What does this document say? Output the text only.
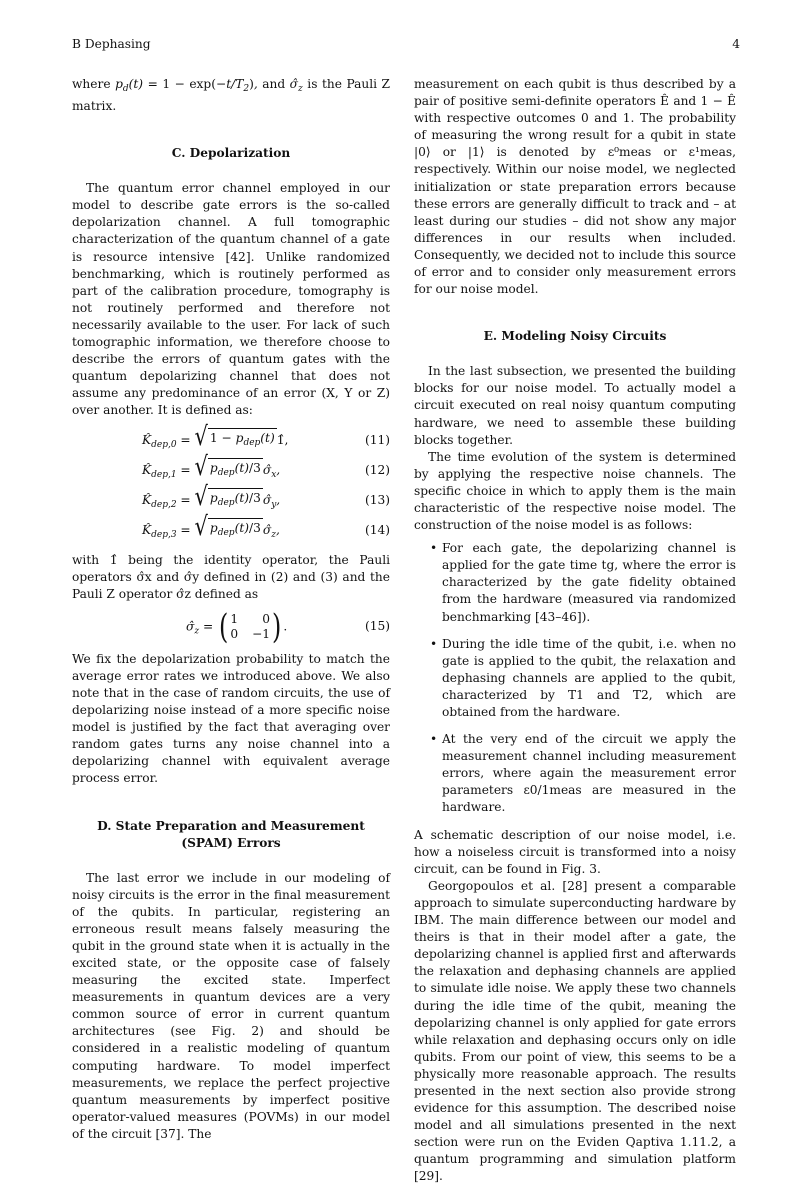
B Dephasing	4

where $p_d(t) = 1 - \exp(-t/T_2)$, and $\sigmâ_z$ is the Pauli Z matrix.

C. Depolarization

The quantum error channel employed in our model to describe gate errors is the so-called depolarization channel. A full tomographic characterization of the quantum channel of a gate is resource intensive [42]. Unlike randomized benchmarking, which is routinely performed as part of the calibration procedure, tomography is not routinely performed and therefore not necessarily available to the user. For lack of such tomographic information, we therefore choose to describe the errors of quantum gates with the quantum depolarizing channel that does not assume any predominance of an error (X, Y or Z) over another. It is defined as:

$K̂_{dep,0}$ = √ $1 - p_{dep}(t)$ 1̂,	(11)
$K̂_{dep,1}$ = √ $p_{dep}(t)/3$ $\sigmâ_x$,	(12)
$K̂_{dep,2}$ = √ $p_{dep}(t)/3$ $\sigmâ_y$,	(13)
$K̂_{dep,3}$ = √ $p_{dep}(t)/3$ $\sigmâ_z$,	(14)

with 1̂ being the identity operator, the Pauli operators σ̂x and σ̂y defined in (2) and (3) and the Pauli Z operator σ̂z defined as

$\sigmâ_z$ = ( 1	0
0 −1 ) .	(15)

We fix the depolarization probability to match the average error rates we introduced above. We also note that in the case of random circuits, the use of depolarizing noise instead of a more specific noise model is justified by the fact that averaging over random gates turns any noise channel into a depolarizing channel with equivalent average process error.

D. State Preparation and Measurement (SPAM) Errors

The last error we include in our modeling of noisy circuits is the error in the final measurement of the qubits. In particular, registering an erroneous result means falsely measuring the qubit in the ground state when it is actually in the excited state, or the opposite case of falsely measuring the excited state. Imperfect measurements in quantum devices are a very common source of error in current quantum architectures (see Fig. 2) and should be considered in a realistic modeling of quantum computing hardware. To model imperfect measurements, we replace the perfect projective quantum measurements by imperfect positive operator-valued measures (POVMs) in our model of the circuit [37]. The

measurement on each qubit is thus described by a pair of positive semi-definite operators Ê and 1 − Ê with respective outcomes 0 and 1. The probability of measuring the wrong result for a qubit in state |0⟩ or |1⟩ is denoted by ε⁰meas or ε¹meas, respectively. Within our noise model, we neglected initialization or state preparation errors because these errors are generally difficult to track and – at least during our studies – did not show any major differences in our results when included. Consequently, we decided not to include this source of error and to consider only measurement errors for our noise model.

E. Modeling Noisy Circuits

In the last subsection, we presented the building blocks for our noise model. To actually model a circuit executed on real noisy quantum computing hardware, we need to assemble these building blocks together.

The time evolution of the system is determined by applying the respective noise channels. The specific choice in which to apply them is the main characteristic of the respective noise model. The construction of the noise model is as follows:

• For each gate, the depolarizing channel is applied for the gate time tg, where the error is characterized by the gate fidelity obtained from the hardware (measured via randomized benchmarking [43–46]).
• During the idle time of the qubit, i.e. when no gate is applied to the qubit, the relaxation and dephasing channels are applied to the qubit, characterized by T1 and T2, which are obtained from the hardware.
• At the very end of the circuit we apply the measurement channel including measurement errors, where again the measurement error parameters ε0/1meas are measured in the hardware.

A schematic description of our noise model, i.e. how a noiseless circuit is transformed into a noisy circuit, can be found in Fig. 3.

Georgopoulos et al. [28] present a comparable approach to simulate superconducting hardware by IBM. The main difference between our model and theirs is that in their model after a gate, the depolarizing channel is applied first and afterwards the relaxation and dephasing channels are applied to simulate idle noise. We apply these two channels during the idle time of the qubit, meaning the depolarizing channel is only applied for gate errors while relaxation and dephasing occurs only on idle qubits. From our point of view, this seems to be a physically more reasonable approach. The results presented in the next section also provide strong evidence for this assumption. The described noise model and all simulations presented in the next section were run on the Eviden Qaptiva 1.11.2, a quantum programming and simulation platform [29].
